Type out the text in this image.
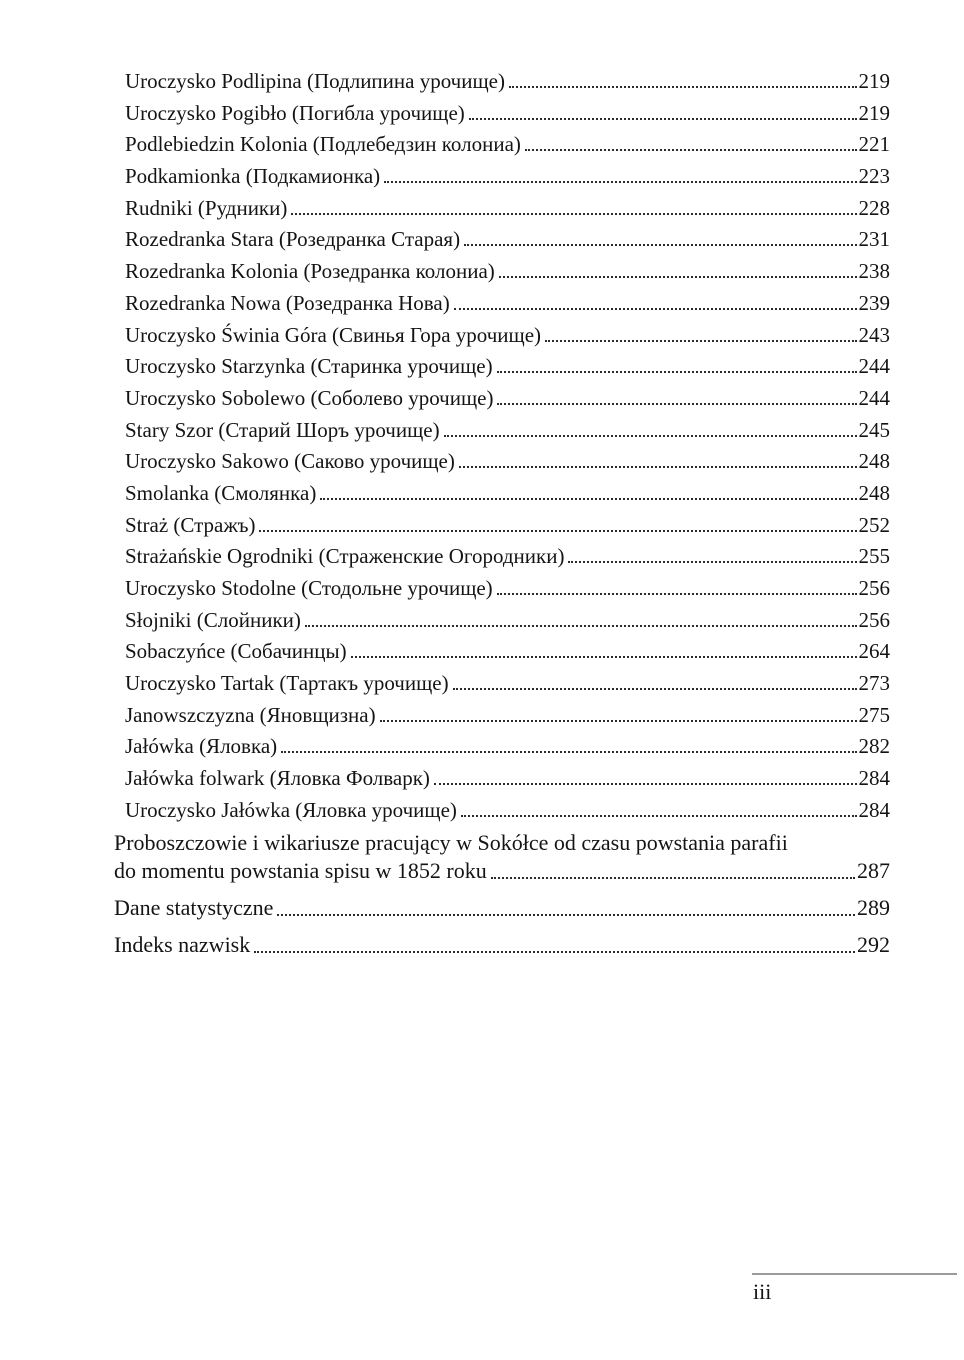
Uroczysko Podlipina (Подлипина урочище)	219
Uroczysko Pogibło (Погибла урочище)	219
Podlebiedzin Kolonia (Подлебедзин колониа)	221
Podkamionka (Подкамионка)	223
Rudniki (Рудники)	228
Rozedranka Stara (Розедранка Старая)	231
Rozedranka Kolonia (Розедранка колониа)	238
Rozedranka Nowa (Розедранка Нова)	239
Uroczysko Świnia Góra (Свинья Гора урочище)	243
Uroczysko Starzynka (Старинка урочище)	244
Uroczysko Sobolewo (Соболево урочище)	244
Stary Szor (Старий Шоръ урочище)	245
Uroczysko Sakowo (Саково урочище)	248
Smolanka (Смолянка)	248
Straż (Стражъ)	252
Strażańskie Ogrodniki (Страженские Огородники)	255
Uroczysko Stodolne (Стодольне урочище)	256
Słojniki (Слойники)	256
Sobaczyńce (Собачинцы)	264
Uroczysko Tartak (Тартакъ урочище)	273
Janowszczyzna (Яновщизна)	275
Jałówka (Яловка)	282
Jałówka folwark (Яловка Фолварк)	284
Uroczysko Jałówka (Яловка урочище)	284
Proboszczowie i wikariusze pracujący w Sokółce od czasu powstania parafii
do momentu powstania spisu w 1852 roku	287
Dane statystyczne	289
Indeks nazwisk	292
iii
